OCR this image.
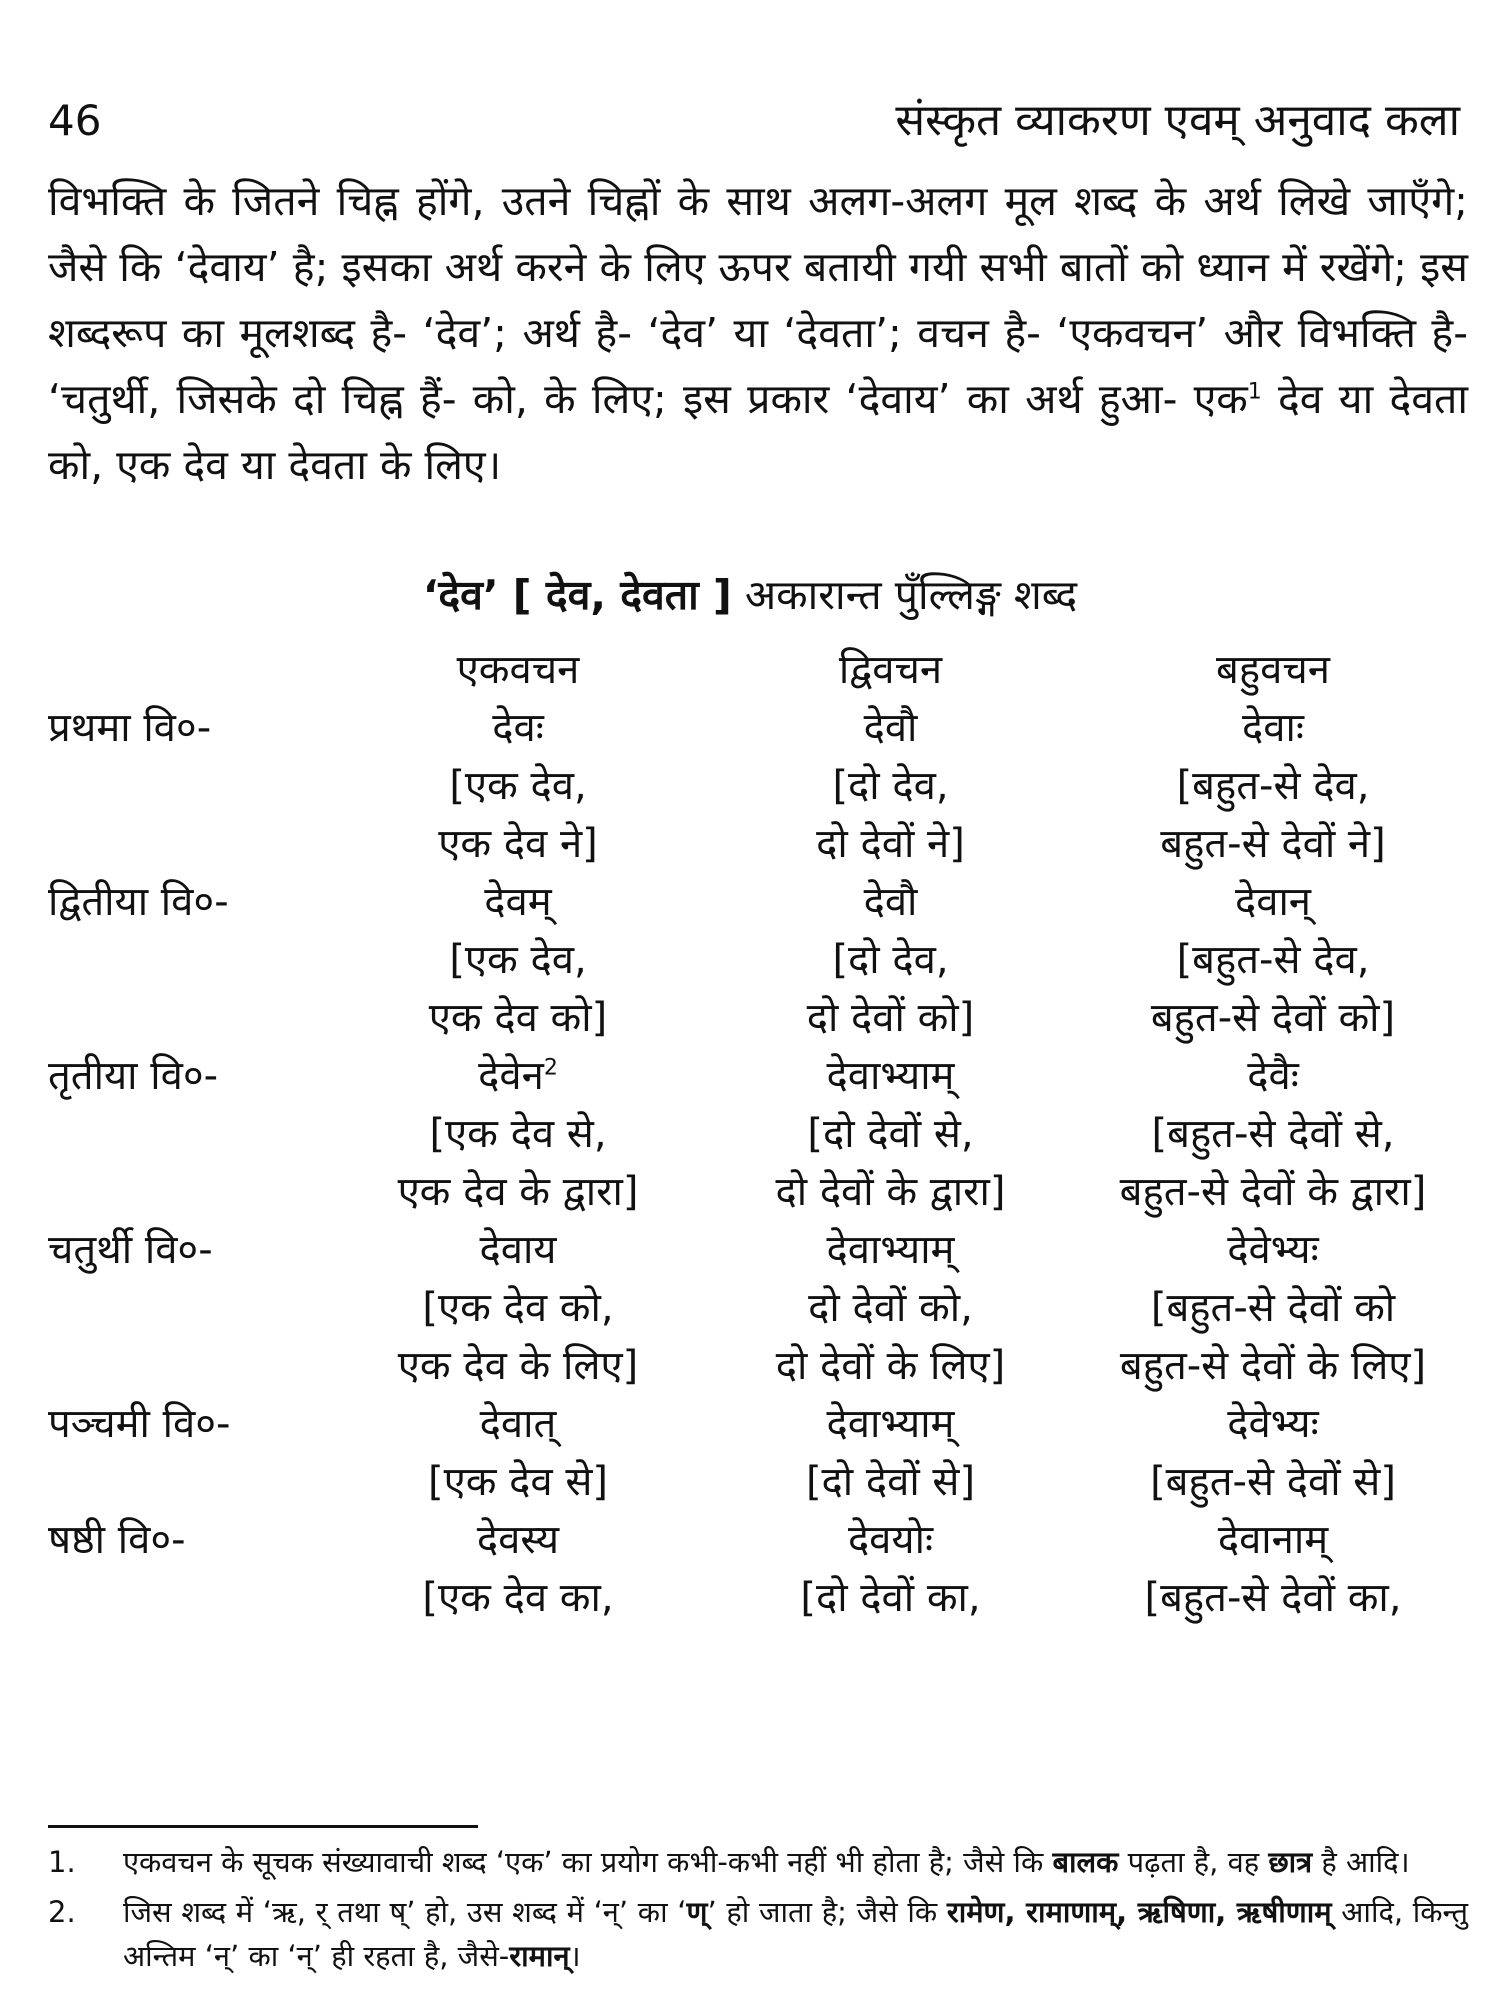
46	संस्कृत व्याकरण एवम् अनुवाद कला

विभक्ति के जितने चिह्न होंगे, उतने चिह्नों के साथ अलग-अलग मूल शब्द के अर्थ लिखे जाएँगे; जैसे कि ‘देवाय’ है; इसका अर्थ करने के लिए ऊपर बतायी गयी सभी बातों को ध्यान में रखेंगे; इस शब्दरूप का मूलशब्द है- ‘देव’; अर्थ है- ‘देव’ या ‘देवता’; वचन है- ‘एकवचन’ और विभक्ति है- ‘चतुर्थी, जिसके दो चिह्न हैं- को, के लिए; इस प्रकार ‘देवाय’ का अर्थ हुआ- एक$^1$ देव या देवता को, एक देव या देवता के लिए।

‘देव’ [ देव, देवता ] अकारान्त पुँल्लिङ्ग शब्द
एकवचन	द्विवचन	बहुवचन
प्रथमा वि०-	देवः	देवौ	देवाः
[एक देव,	[दो देव,	[बहुत-से देव,
एक देव ने]	दो देवों ने]	बहुत-से देवों ने]
द्वितीया वि०-	देवम्	देवौ	देवान्
[एक देव,	[दो देव,	[बहुत-से देव,
एक देव को]	दो देवों को]	बहुत-से देवों को]
तृतीया वि०-	देवेन$^2$	देवाभ्याम्	देवैः
[एक देव से,	[दो देवों से,	[बहुत-से देवों से,
एक देव के द्वारा]	दो देवों के द्वारा]	बहुत-से देवों के द्वारा]
चतुर्थी वि०-	देवाय	देवाभ्याम्	देवेभ्यः
[एक देव को,	दो देवों को,	[बहुत-से देवों को
एक देव के लिए]	दो देवों के लिए]	बहुत-से देवों के लिए]
पञ्चमी वि०-	देवात्	देवाभ्याम्	देवेभ्यः
[एक देव से]	[दो देवों से]	[बहुत-से देवों से]
षष्ठी वि०-	देवस्य	देवयोः	देवानाम्
[एक देव का,	[दो देवों का,	[बहुत-से देवों का,
1.	एकवचन के सूचक संख्यावाची शब्द ‘एक’ का प्रयोग कभी-कभी नहीं भी होता है; जैसे कि बालक पढ़ता है, वह छात्र है आदि।
2.	जिस शब्द में ‘ऋ, र् तथा ष्’ हो, उस शब्द में ‘न्’ का ‘ण्’ हो जाता है; जैसे कि रामेण, रामाणाम्, ऋषिणा, ऋषीणाम् आदि, किन्तु अन्तिम ‘न्’ का ‘न्’ ही रहता है, जैसे-रामान्।
